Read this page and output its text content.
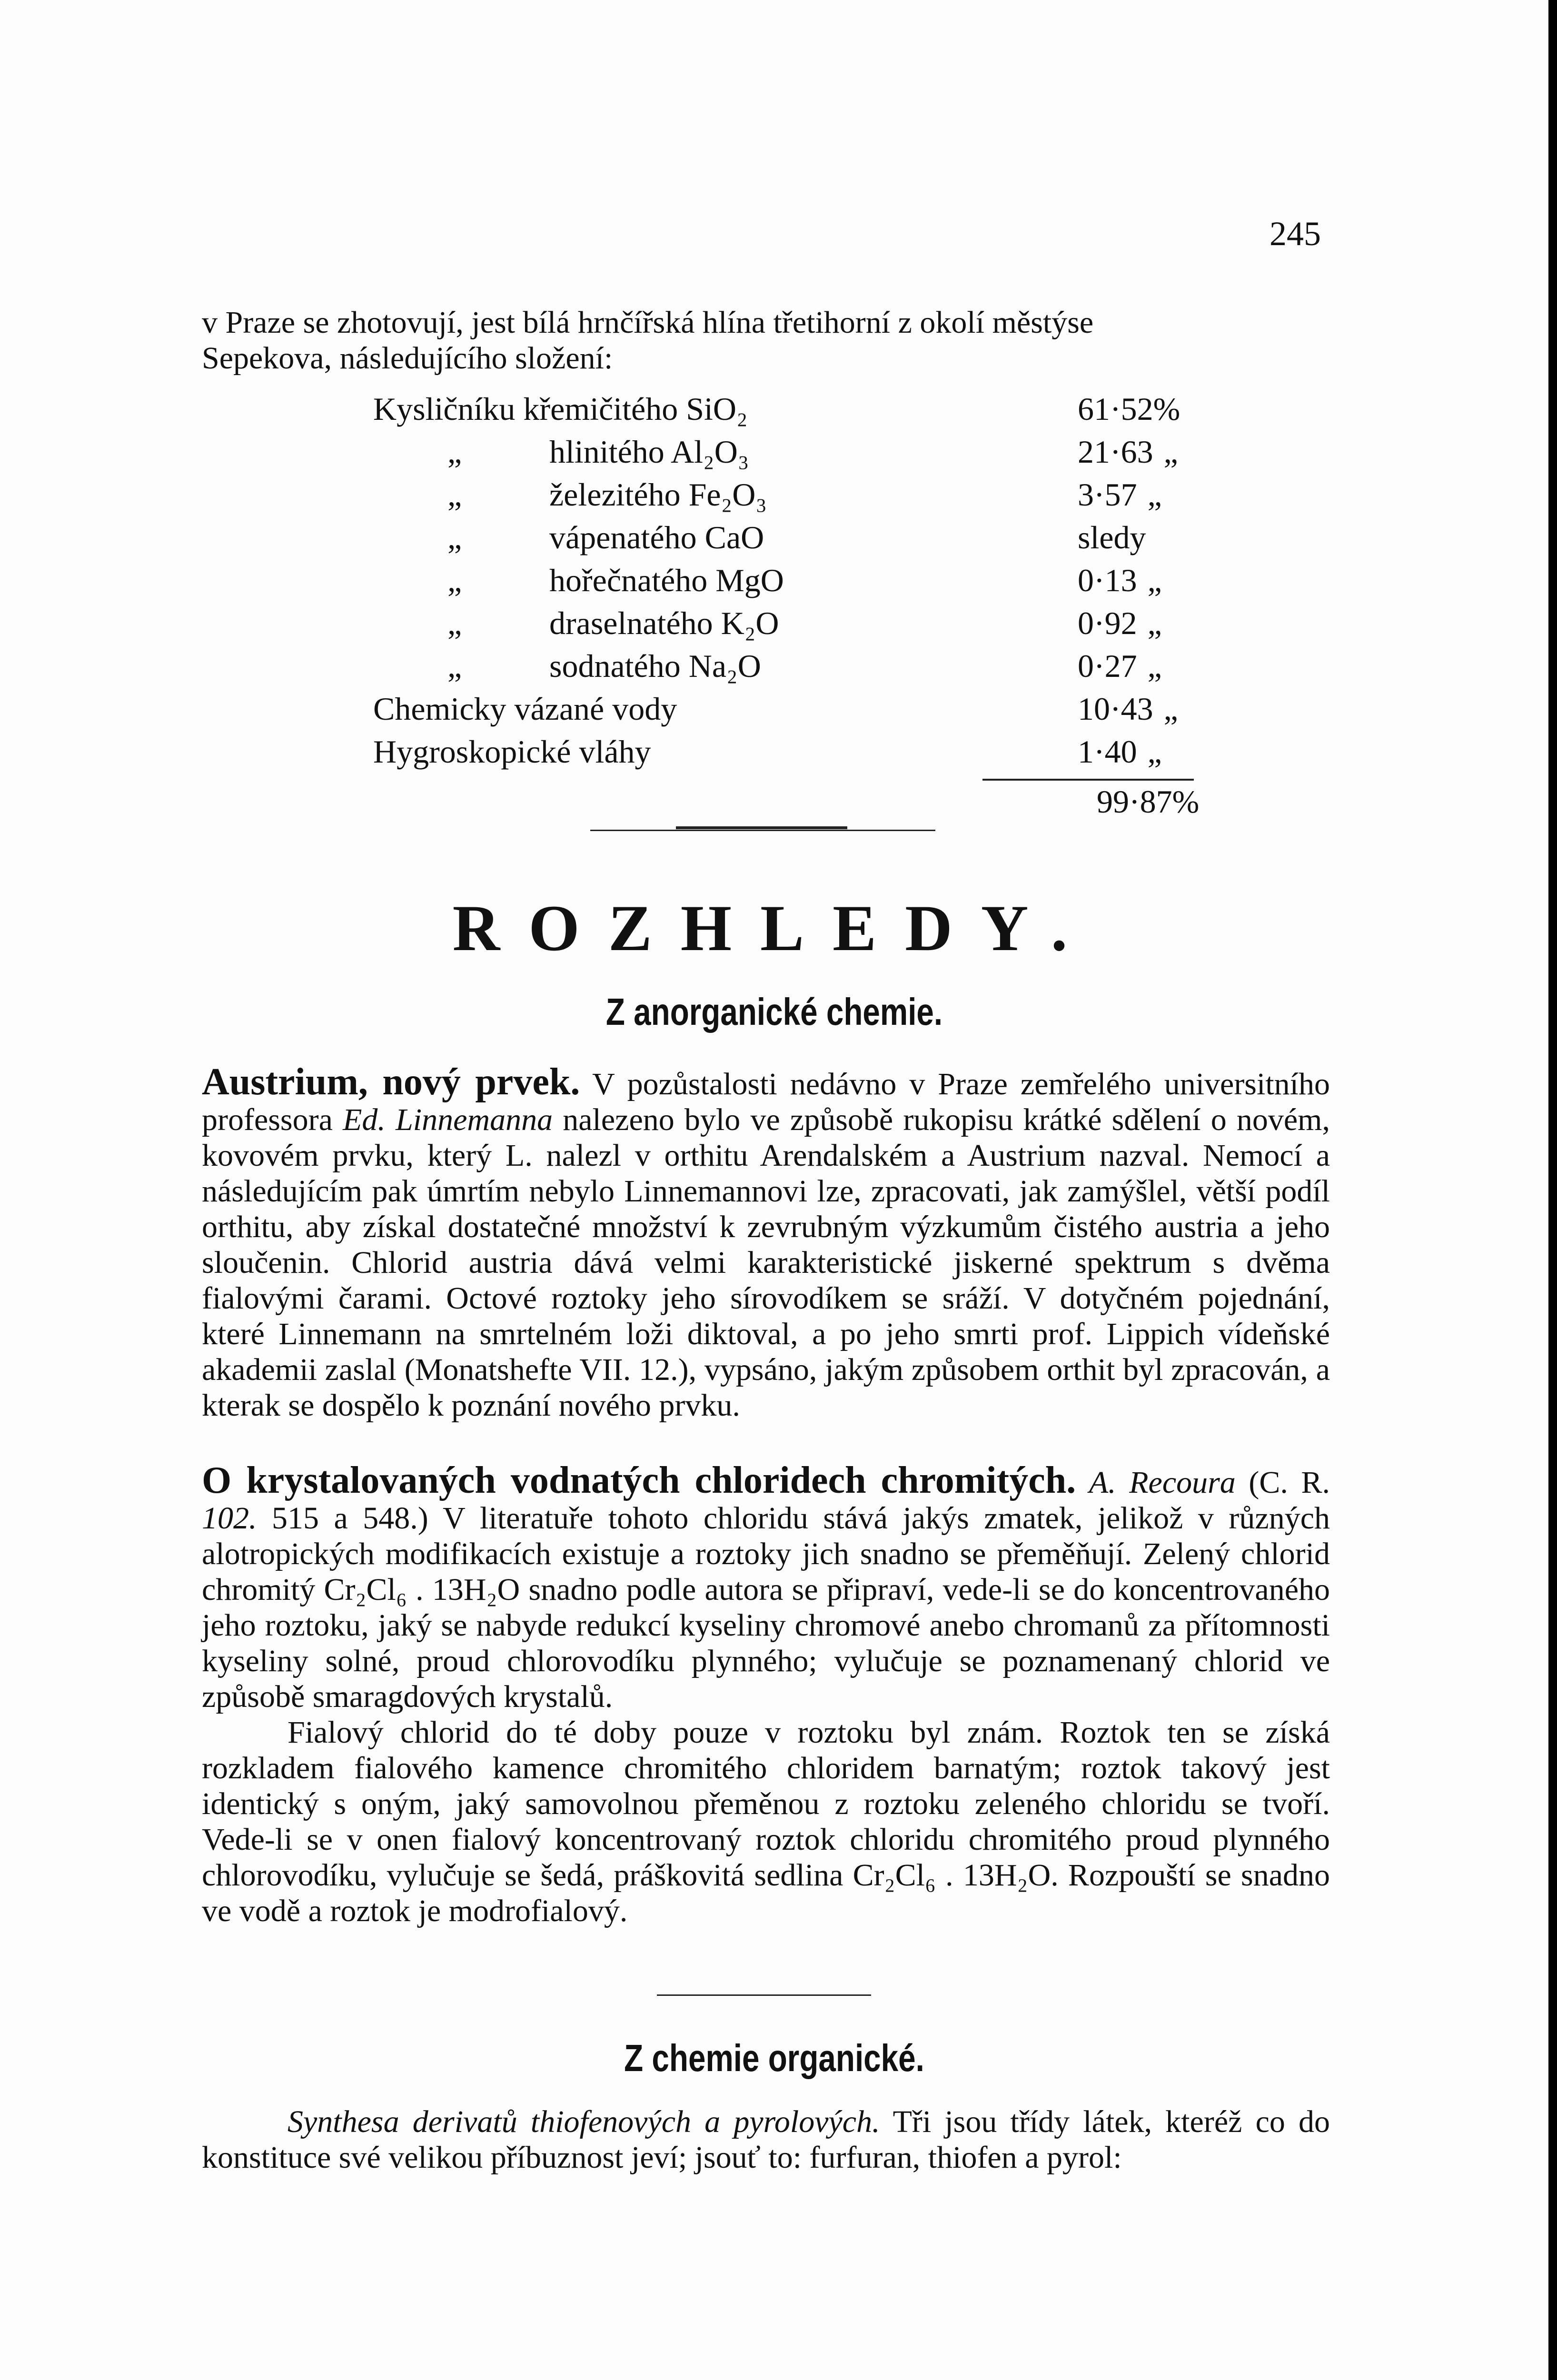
245
v Praze se zhotovují, jest bílá hrnčířská hlína třetihorní z okolí městýse
Sepekova, následujícího složení:
Kysličníku křemičitého SiO₂	61·52%
„	hlinitého Al₂O₃	21·63 „
„	železitého Fe₂O₃	3·57 „
„	vápenatého CaO	sledy
„	hořečnatého MgO	0·13 „
„	draselnatého K₂O	0·92 „
„	sodnatého Na₂O	0·27 „
Chemicky vázané vody	10·43 „
Hygroskopické vláhy	1·40 „
99·87%
ROZHLEDY.
Z anorganické chemie.
Austrium, nový prvek. V pozůstalosti nedávno v Praze zemřelého universitního professora Ed. Linnemanna nalezeno bylo ve způsobě rukopisu krátké sdělení o novém, kovovém prvku, který L. nalezl v orthitu Arendalském a Austrium nazval. Nemocí a následujícím pak úmrtím nebylo Linnemannovi lze, zpracovati, jak zamýšlel, větší podíl orthitu, aby získal dostatečné množství k zevrubným výzkumům čistého austria a jeho sloučenin. Chlorid austria dává velmi karakteristické jiskerné spektrum s dvěma fialovými čarami. Octové roztoky jeho sírovodíkem se sráží. V dotyčném pojednání, které Linnemann na smrtelném loži diktoval, a po jeho smrti prof. Lippich vídeňské akademii zaslal (Monatshefte VII. 12.), vypsáno, jakým způsobem orthit byl zpracován, a kterak se dospělo k poznání nového prvku.
O krystalovaných vodnatých chloridech chromitých. A. Recoura (C. R. 102. 515 a 548.) V literatuře tohoto chloridu stává jakýs zmatek, jelikož v různých alotropických modifikacích existuje a roztoky jich snadno se přeměňují. Zelený chlorid chromitý Cr₂Cl₆ . 13H₂O snadno podle autora se připraví, vede-li se do koncentrovaného jeho roztoku, jaký se nabyde redukcí kyseliny chromové anebo chromanů za přítomnosti kyseliny solné, proud chlorovodíku plynného; vylučuje se poznamenaný chlorid ve způsobě smaragdových krystalů.
Fialový chlorid do té doby pouze v roztoku byl znám. Roztok ten se získá rozkladem fialového kamence chromitého chloridem barnatým; roztok takový jest identický s oným, jaký samovolnou přeměnou z roztoku zeleného chloridu se tvoří. Vede-li se v onen fialový koncentrovaný roztok chloridu chromitého proud plynného chlorovodíku, vylučuje se šedá, práškovitá sedlina Cr₂Cl₆ . 13H₂O. Rozpouští se snadno ve vodě a roztok je modrofialový.
Z chemie organické.
Synthesa derivatů thiofenových a pyrolových. Tři jsou třídy látek, kteréž co do konstituce své velikou příbuznost jeví; jsouť to: furfuran, thiofen a pyrol:
